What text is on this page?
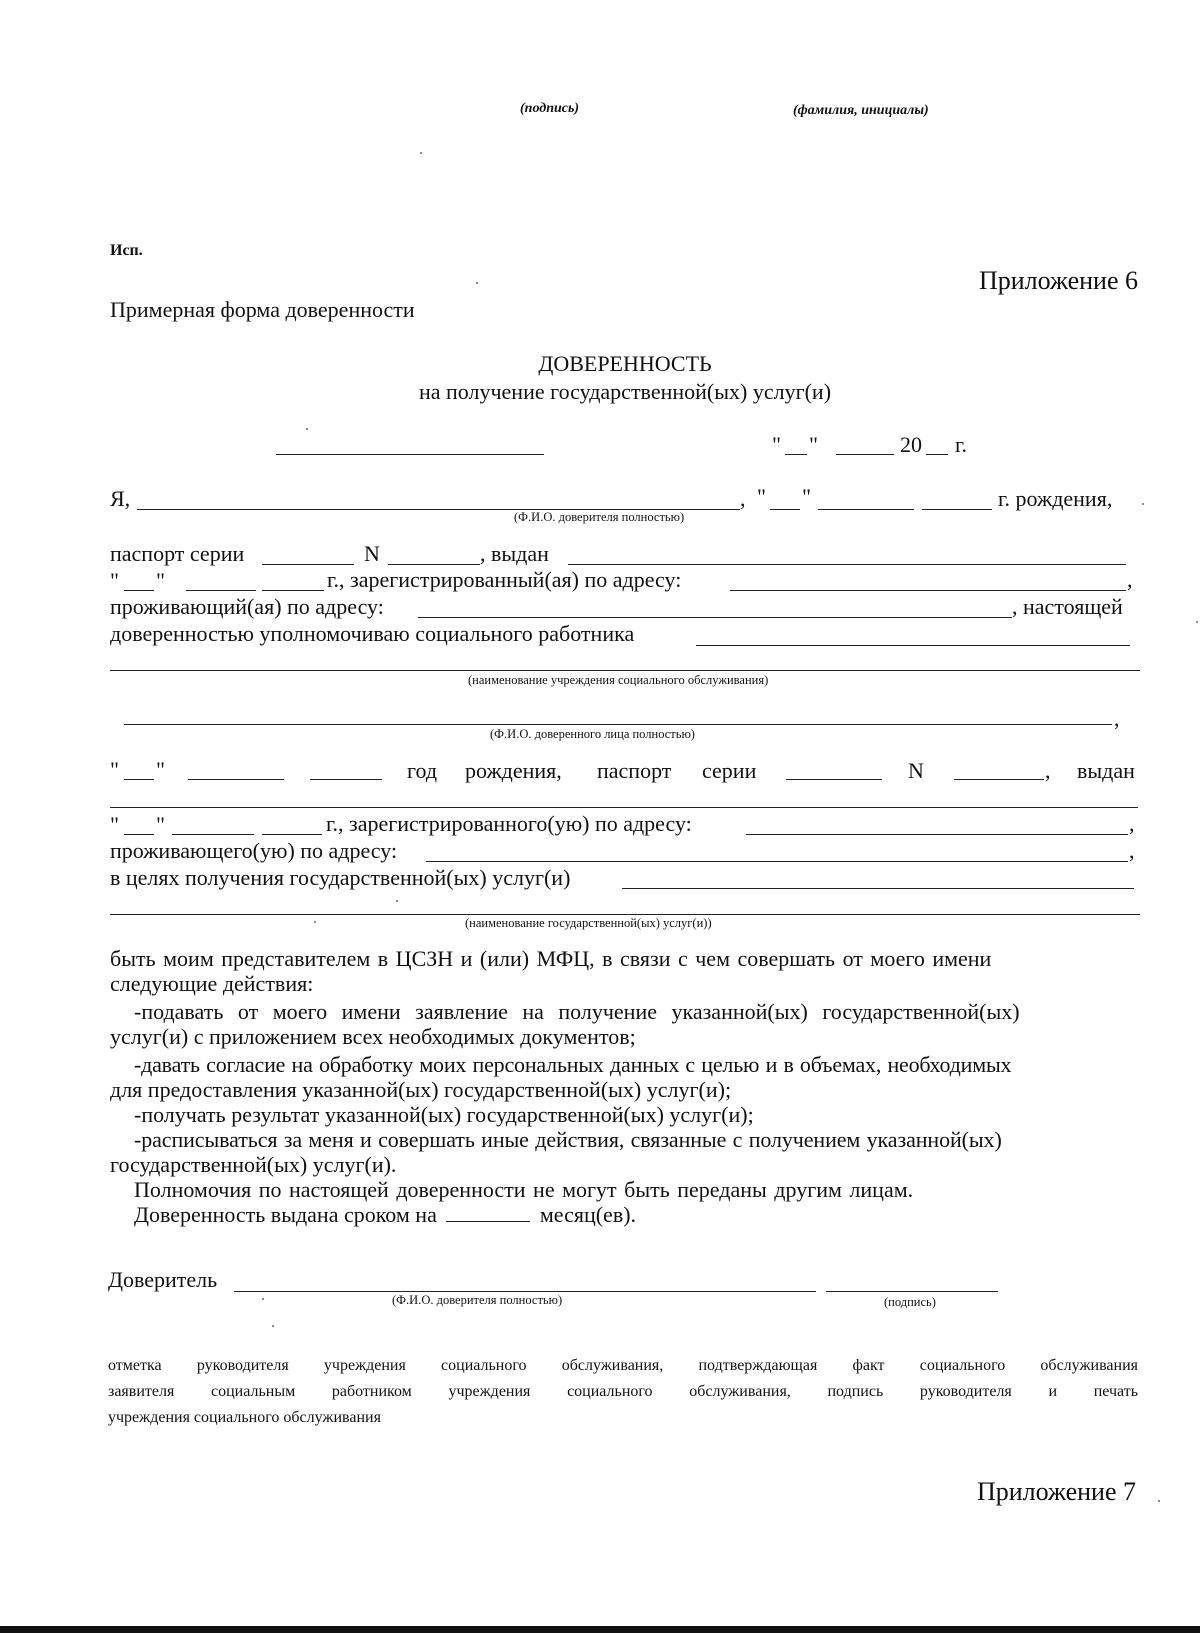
(подпись)	(фамилия, инициалы)
Исп.
Приложение 6
Примерная форма доверенности
ДОВЕРЕННОСТЬ
на получение государственной(ых) услуг(и)
" "	20 г.
Я,	, " "	г. рождения,
(Ф.И.О. доверителя полностью)
паспорт серии	N	, выдан
" "	г., зарегистрированный(ая) по адресу:	,
проживающий(ая) по адресу:	, настоящей
доверенностью уполномочиваю социального работника
(наименование учреждения социального обслуживания)
,
(Ф.И.О. доверенного лица полностью)
" "	год рождения, паспорт серии	N	, выдан
" "	г., зарегистрированного(ую) по адресу:	,
проживающего(ую) по адресу:	,
в целях получения государственной(ых) услуг(и)
(наименование государственной(ых) услуг(и))
быть моим представителем в ЦСЗН и (или) МФЦ, в связи с чем совершать от моего имени
следующие действия:
-подавать от моего имени заявление на получение указанной(ых) государственной(ых)
услуг(и) с приложением всех необходимых документов;
-давать согласие на обработку моих персональных данных с целью и в объемах, необходимых
для предоставления указанной(ых) государственной(ых) услуг(и);
-получать результат указанной(ых) государственной(ых) услуг(и);
-расписываться за меня и совершать иные действия, связанные с получением указанной(ых)
государственной(ых) услуг(и).
Полномочия по настоящей доверенности не могут быть переданы другим лицам.
Доверенность выдана сроком на	месяц(ев).
Доверитель
(Ф.И.О. доверителя полностью)	(подпись)
отметка руководителя учреждения социального обслуживания, подтверждающая факт социального обслуживания
заявителя социальным работником учреждения социального обслуживания, подпись руководителя и печать
учреждения социального обслуживания
Приложение 7
